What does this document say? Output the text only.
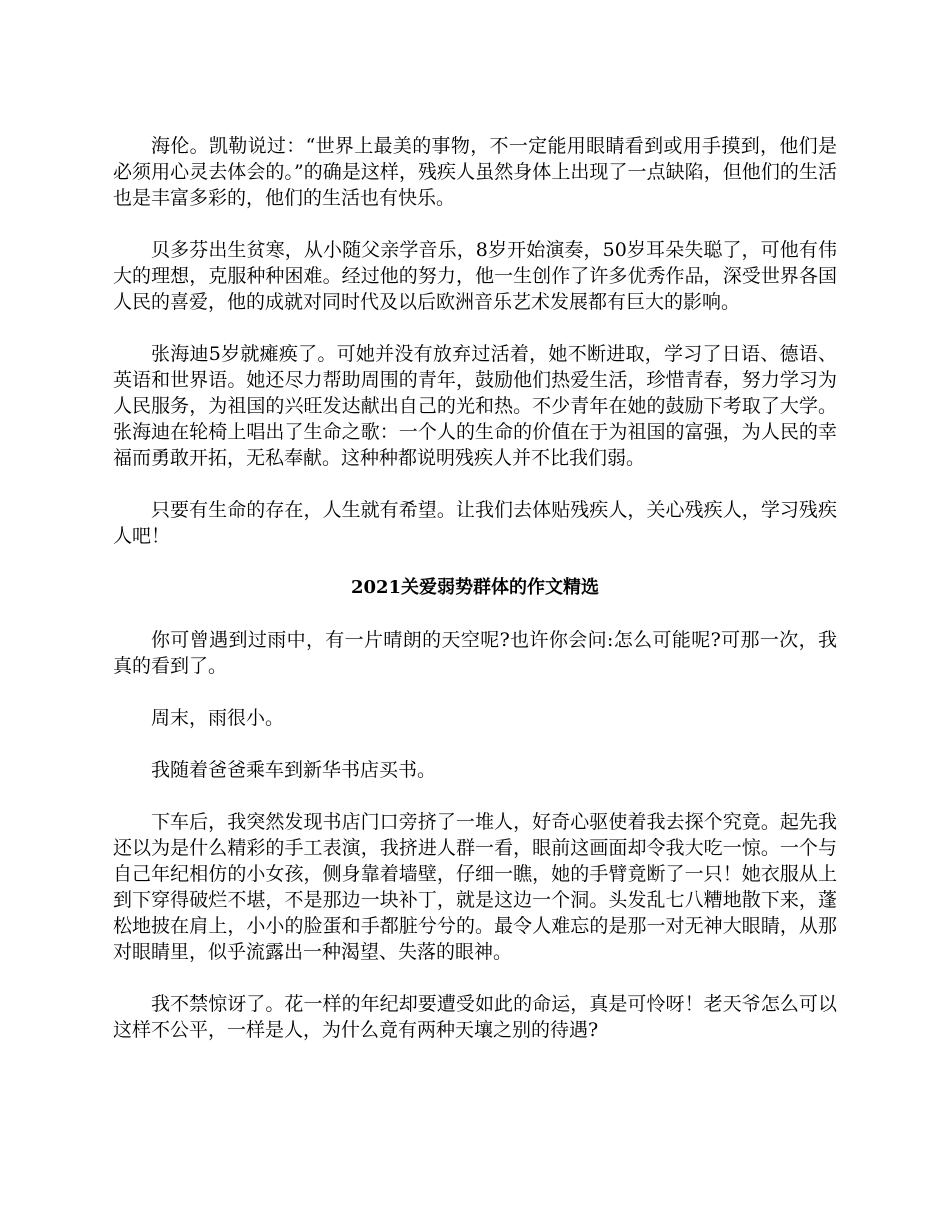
海伦。凯勒说过：“世界上最美的事物，不一定能用眼睛看到或用手摸到，他们是必须用心灵去体会的。”的确是这样，残疾人虽然身体上出现了一点缺陷，但他们的生活也是丰富多彩的，他们的生活也有快乐。

贝多芬出生贫寒，从小随父亲学音乐，8岁开始演奏，50岁耳朵失聪了，可他有伟大的理想，克服种种困难。经过他的努力，他一生创作了许多优秀作品，深受世界各国人民的喜爱，他的成就对同时代及以后欧洲音乐艺术发展都有巨大的影响。

张海迪5岁就瘫痪了。可她并没有放弃过活着，她不断进取，学习了日语、德语、英语和世界语。她还尽力帮助周围的青年，鼓励他们热爱生活，珍惜青春，努力学习为人民服务，为祖国的兴旺发达献出自己的光和热。不少青年在她的鼓励下考取了大学。张海迪在轮椅上唱出了生命之歌：一个人的生命的价值在于为祖国的富强，为人民的幸福而勇敢开拓，无私奉献。这种种都说明残疾人并不比我们弱。

只要有生命的存在，人生就有希望。让我们去体贴残疾人，关心残疾人，学习残疾人吧！

2021关爱弱势群体的作文精选

你可曾遇到过雨中，有一片晴朗的天空呢?也许你会问:怎么可能呢?可那一次，我真的看到了。

周末，雨很小。

我随着爸爸乘车到新华书店买书。

下车后，我突然发现书店门口旁挤了一堆人，好奇心驱使着我去探个究竟。起先我还以为是什么精彩的手工表演，我挤进人群一看，眼前这画面却令我大吃一惊。一个与自己年纪相仿的小女孩，侧身靠着墙壁，仔细一瞧，她的手臂竟断了一只！她衣服从上到下穿得破烂不堪，不是那边一块补丁，就是这边一个洞。头发乱七八糟地散下来，蓬松地披在肩上，小小的脸蛋和手都脏兮兮的。最令人难忘的是那一对无神大眼睛，从那对眼睛里，似乎流露出一种渴望、失落的眼神。

我不禁惊讶了。花一样的年纪却要遭受如此的命运，真是可怜呀！老天爷怎么可以这样不公平，一样是人，为什么竟有两种天壤之别的待遇?
